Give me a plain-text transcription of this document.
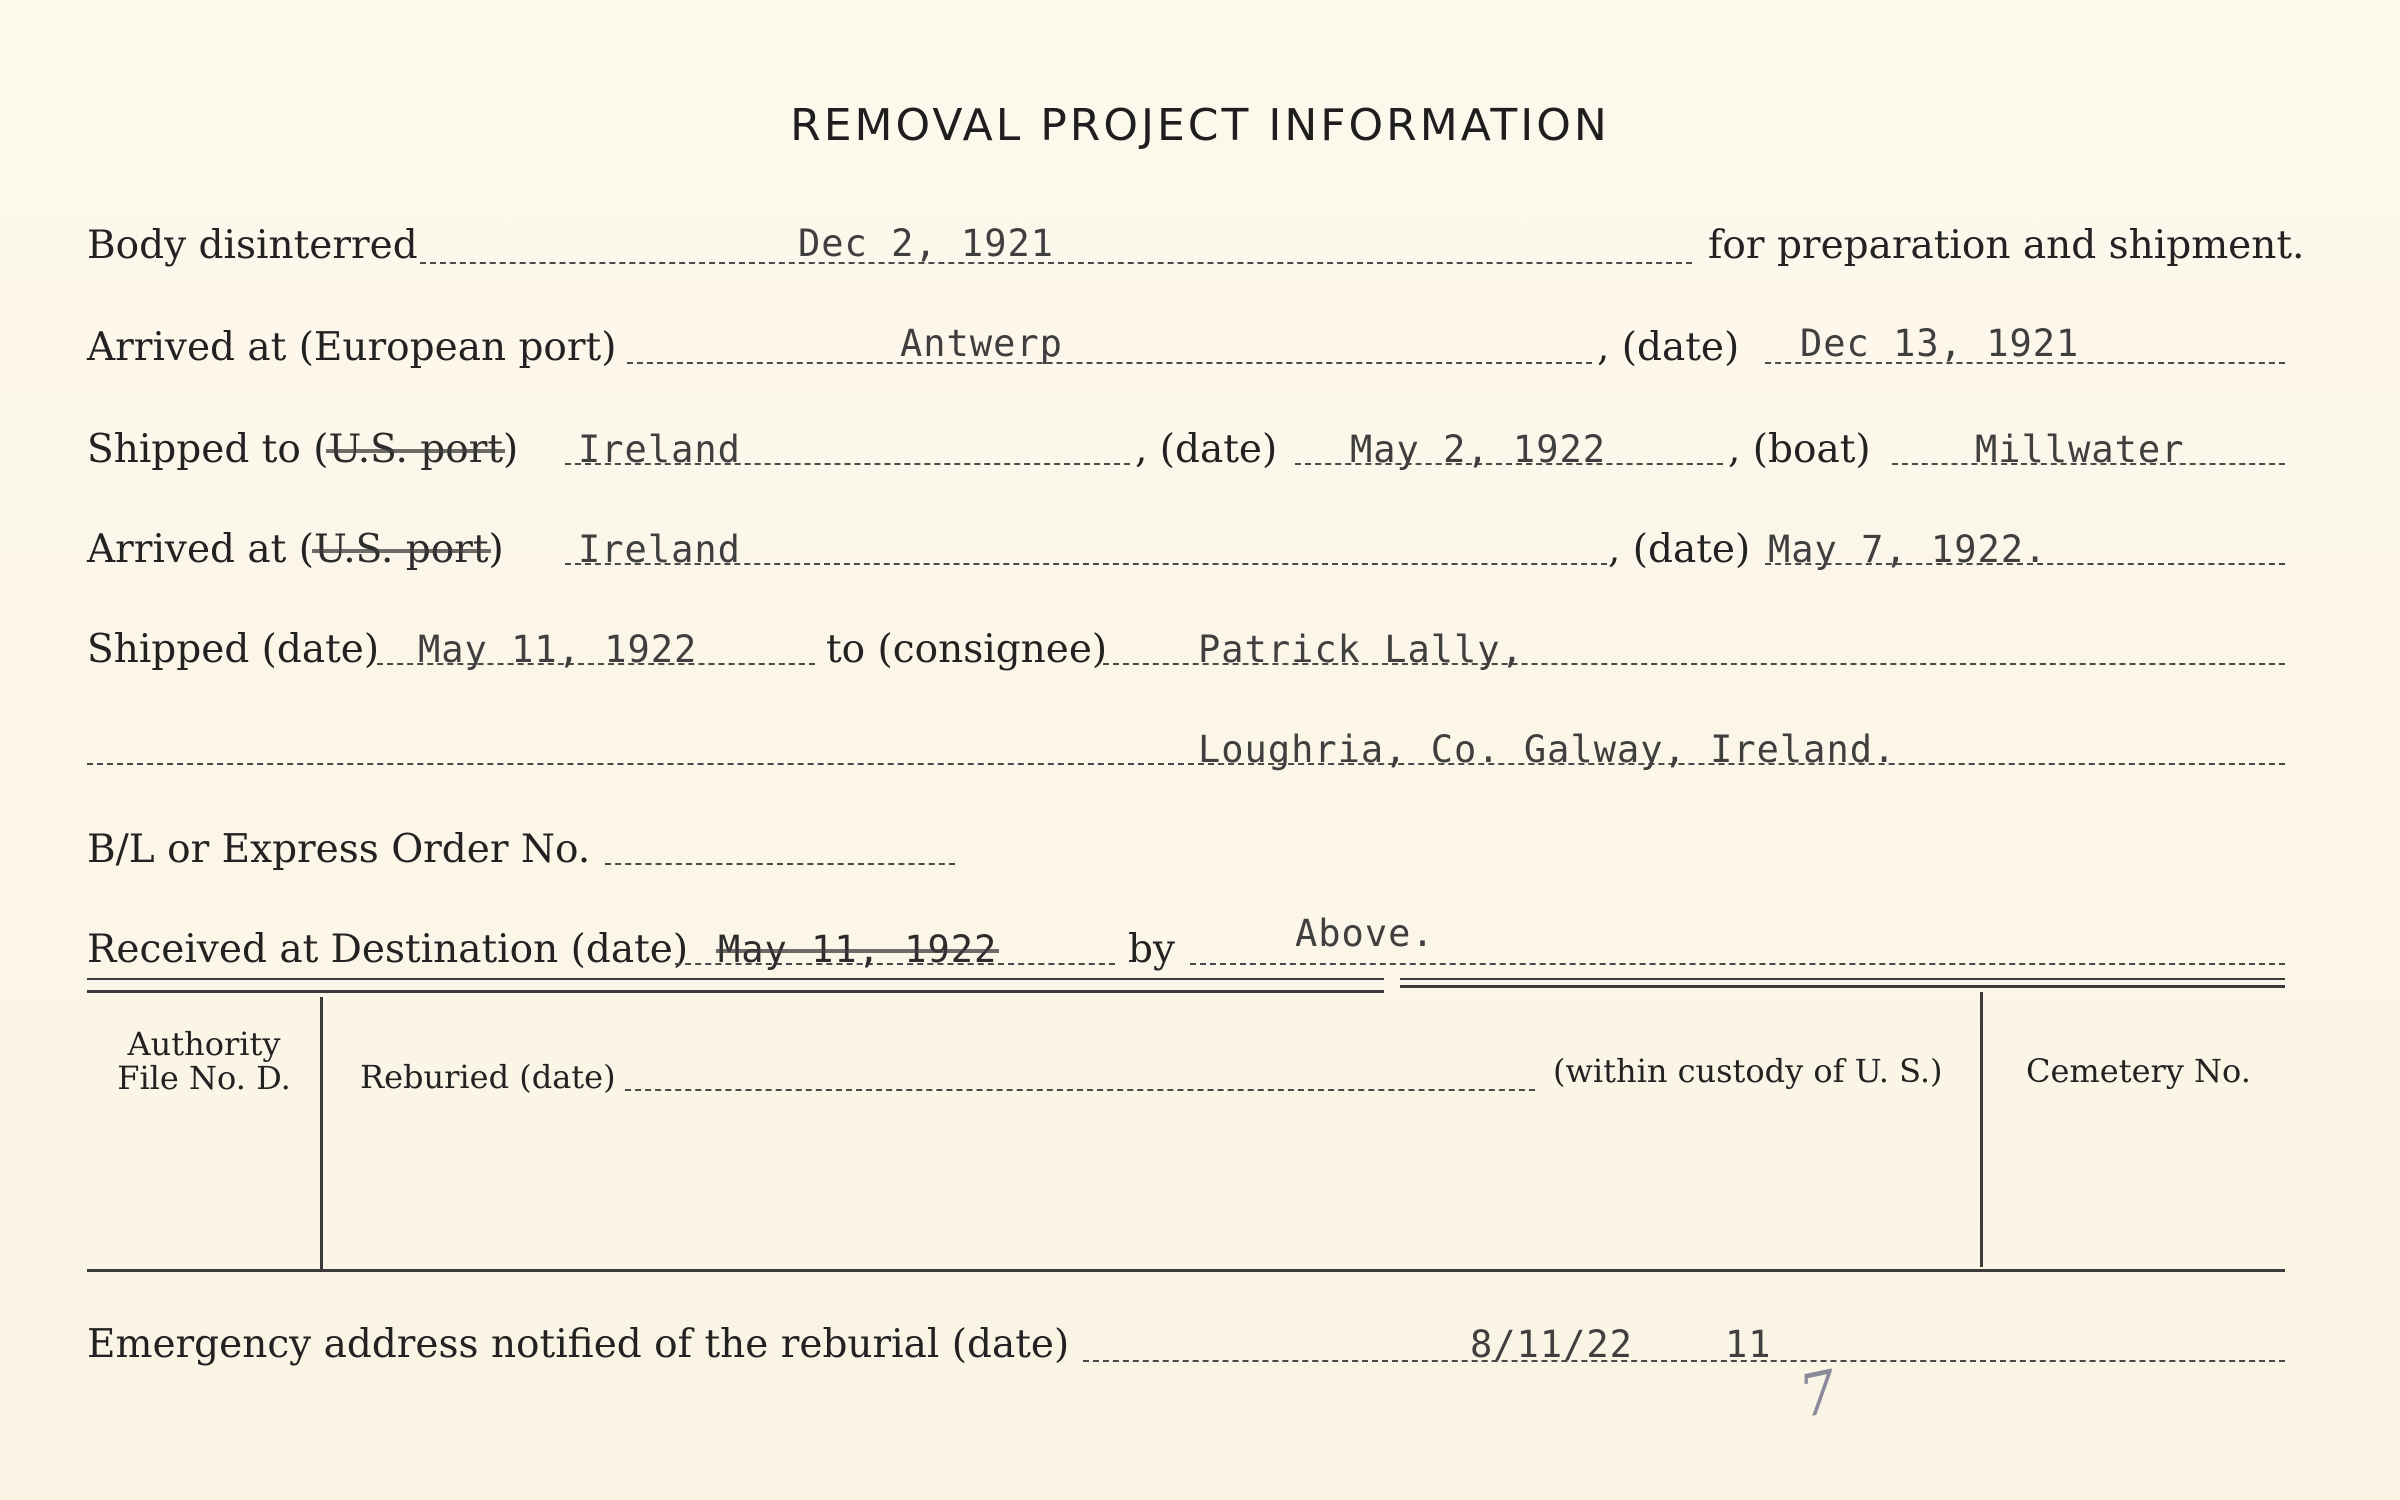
REMOVAL PROJECT INFORMATION
Body disinterred	Dec 2, 1921	for preparation and shipment.
Arrived at (European port)	Antwerp	, (date) Dec 13, 1921
Shipped to (U.S. port) Ireland	, (date) May 2, 1922	, (boat)	Millwater
Arrived at (U.S. port) Ireland	, (date) May 7, 1922.
Shipped (date) May 11, 1922	to (consignee) Patrick Lally,
Loughria, Co. Galway, Ireland.
B/L or Express Order No.
Received at Destination (date) May 11, 1922	by	Above.
Authority
File No. D.	Reburied (date)	(within custody of U. S.)	Cemetery No.
Emergency address notified of the reburial (date)	8/11/22 11
7
